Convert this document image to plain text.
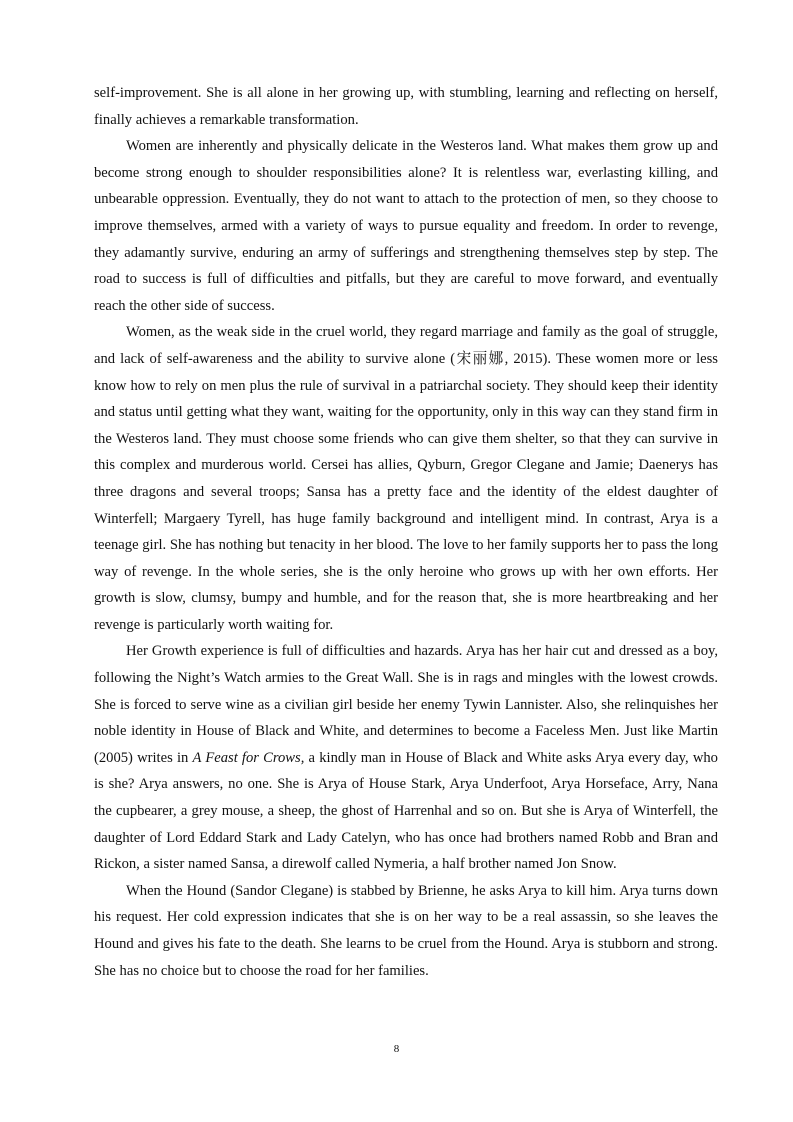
self-improvement. She is all alone in her growing up, with stumbling, learning and reflecting on herself, finally achieves a remarkable transformation.

Women are inherently and physically delicate in the Westeros land. What makes them grow up and become strong enough to shoulder responsibilities alone? It is relentless war, everlasting killing, and unbearable oppression. Eventually, they do not want to attach to the protection of men, so they choose to improve themselves, armed with a variety of ways to pursue equality and freedom. In order to revenge, they adamantly survive, enduring an army of sufferings and strengthening themselves step by step. The road to success is full of difficulties and pitfalls, but they are careful to move forward, and eventually reach the other side of success.

Women, as the weak side in the cruel world, they regard marriage and family as the goal of struggle, and lack of self-awareness and the ability to survive alone (宋丽娜, 2015). These women more or less know how to rely on men plus the rule of survival in a patriarchal society. They should keep their identity and status until getting what they want, waiting for the opportunity, only in this way can they stand firm in the Westeros land. They must choose some friends who can give them shelter, so that they can survive in this complex and murderous world. Cersei has allies, Qyburn, Gregor Clegane and Jamie; Daenerys has three dragons and several troops; Sansa has a pretty face and the identity of the eldest daughter of Winterfell; Margaery Tyrell, has huge family background and intelligent mind. In contrast, Arya is a teenage girl. She has nothing but tenacity in her blood. The love to her family supports her to pass the long way of revenge. In the whole series, she is the only heroine who grows up with her own efforts. Her growth is slow, clumsy, bumpy and humble, and for the reason that, she is more heartbreaking and her revenge is particularly worth waiting for.

Her Growth experience is full of difficulties and hazards. Arya has her hair cut and dressed as a boy, following the Night’s Watch armies to the Great Wall. She is in rags and mingles with the lowest crowds. She is forced to serve wine as a civilian girl beside her enemy Tywin Lannister. Also, she relinquishes her noble identity in House of Black and White, and determines to become a Faceless Men. Just like Martin (2005) writes in A Feast for Crows, a kindly man in House of Black and White asks Arya every day, who is she? Arya answers, no one. She is Arya of House Stark, Arya Underfoot, Arya Horseface, Arry, Nana the cupbearer, a grey mouse, a sheep, the ghost of Harrenhal and so on. But she is Arya of Winterfell, the daughter of Lord Eddard Stark and Lady Catelyn, who has once had brothers named Robb and Bran and Rickon, a sister named Sansa, a direwolf called Nymeria, a half brother named Jon Snow.

When the Hound (Sandor Clegane) is stabbed by Brienne, he asks Arya to kill him. Arya turns down his request. Her cold expression indicates that she is on her way to be a real assassin, so she leaves the Hound and gives his fate to the death. She learns to be cruel from the Hound. Arya is stubborn and strong. She has no choice but to choose the road for her families.

8
